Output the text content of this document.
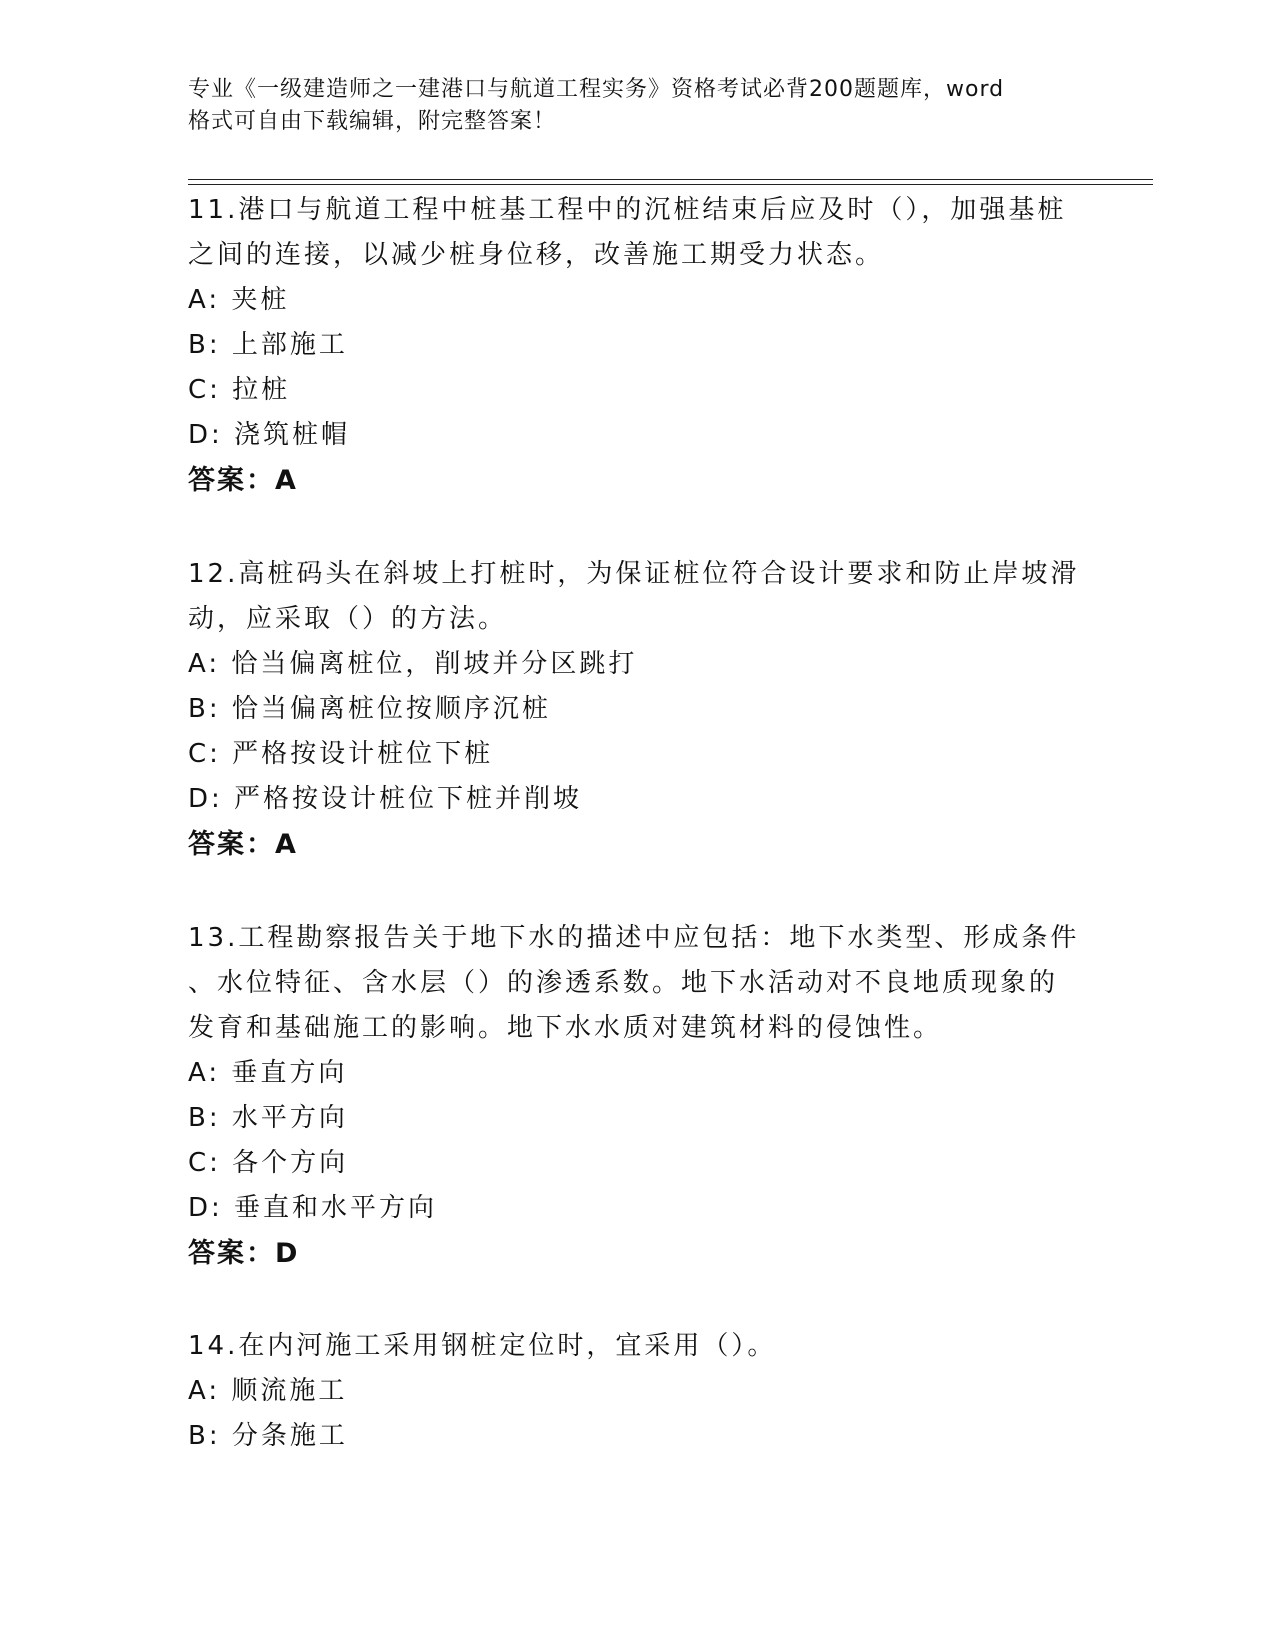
专业《一级建造师之一建港口与航道工程实务》资格考试必背200题题库，word
格式可自由下载编辑，附完整答案！

11.港口与航道工程中桩基工程中的沉桩结束后应及时（），加强基桩

之间的连接，以减少桩身位移，改善施工期受力状态。

A: 夹桩

B: 上部施工

C: 拉桩

D: 浇筑桩帽

答案：A

12.高桩码头在斜坡上打桩时，为保证桩位符合设计要求和防止岸坡滑

动，应采取（）的方法。

A: 恰当偏离桩位，削坡并分区跳打

B: 恰当偏离桩位按顺序沉桩

C: 严格按设计桩位下桩

D: 严格按设计桩位下桩并削坡

答案：A

13.工程勘察报告关于地下水的描述中应包括：地下水类型、形成条件

、水位特征、含水层（）的渗透系数。地下水活动对不良地质现象的

发育和基础施工的影响。地下水水质对建筑材料的侵蚀性。

A: 垂直方向

B: 水平方向

C: 各个方向

D: 垂直和水平方向

答案：D

14.在内河施工采用钢桩定位时，宜采用（）。

A: 顺流施工

B: 分条施工
